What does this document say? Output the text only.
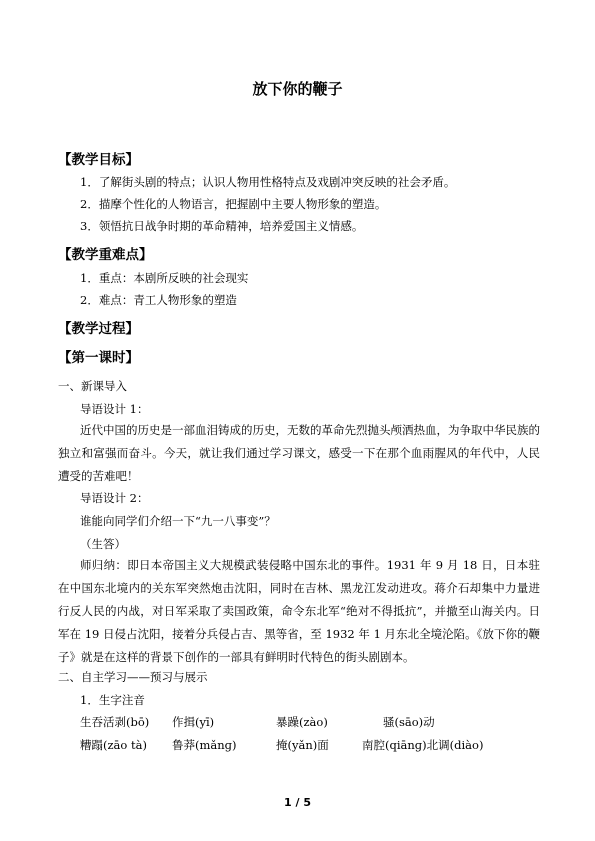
放下你的鞭子
【教学目标】
1．了解街头剧的特点；认识人物用性格特点及戏剧冲突反映的社会矛盾。
2．描摩个性化的人物语言，把握剧中主要人物形象的塑造。
3．领悟抗日战争时期的革命精神，培养爱国主义情感。
【教学重难点】
1．重点：本剧所反映的社会现实
2．难点：青工人物形象的塑造
【教学过程】
【第一课时】
一、新课导入
导语设计 1：
近代中国的历史是一部血泪铸成的历史，无数的革命先烈抛头颅洒热血，为争取中华民族的独立和富强而奋斗。今天，就让我们通过学习课文，感受一下在那个血雨腥风的年代中，人民遭受的苦难吧！
导语设计 2：
谁能向同学们介绍一下“九一八事变”？
（生答）
师归纳：即日本帝国主义大规模武装侵略中国东北的事件。1931 年 9 月 18 日，日本驻在中国东北境内的关东军突然炮击沈阳，同时在吉林、黑龙江发动进攻。蒋介石却集中力量进行反人民的内战，对日军采取了卖国政策，命令东北军“绝对不得抵抗”，并撤至山海关内。日军在 19 日侵占沈阳，接着分兵侵占吉、黑等省，至 1932 年 1 月东北全境沦陷。《放下你的鞭子》就是在这样的背景下创作的一部具有鲜明时代特色的街头剧剧本。
二、自主学习——预习与展示
1．生字注音
生吞活剥(bō) 作揖(yī)	暴躁(zào)	骚(sāo)动
糟蹋(zāo tà) 鲁莽(mǎnɡ)	掩(yǎn)面	南腔(qiānɡ)北调(diào)
1 / 5
